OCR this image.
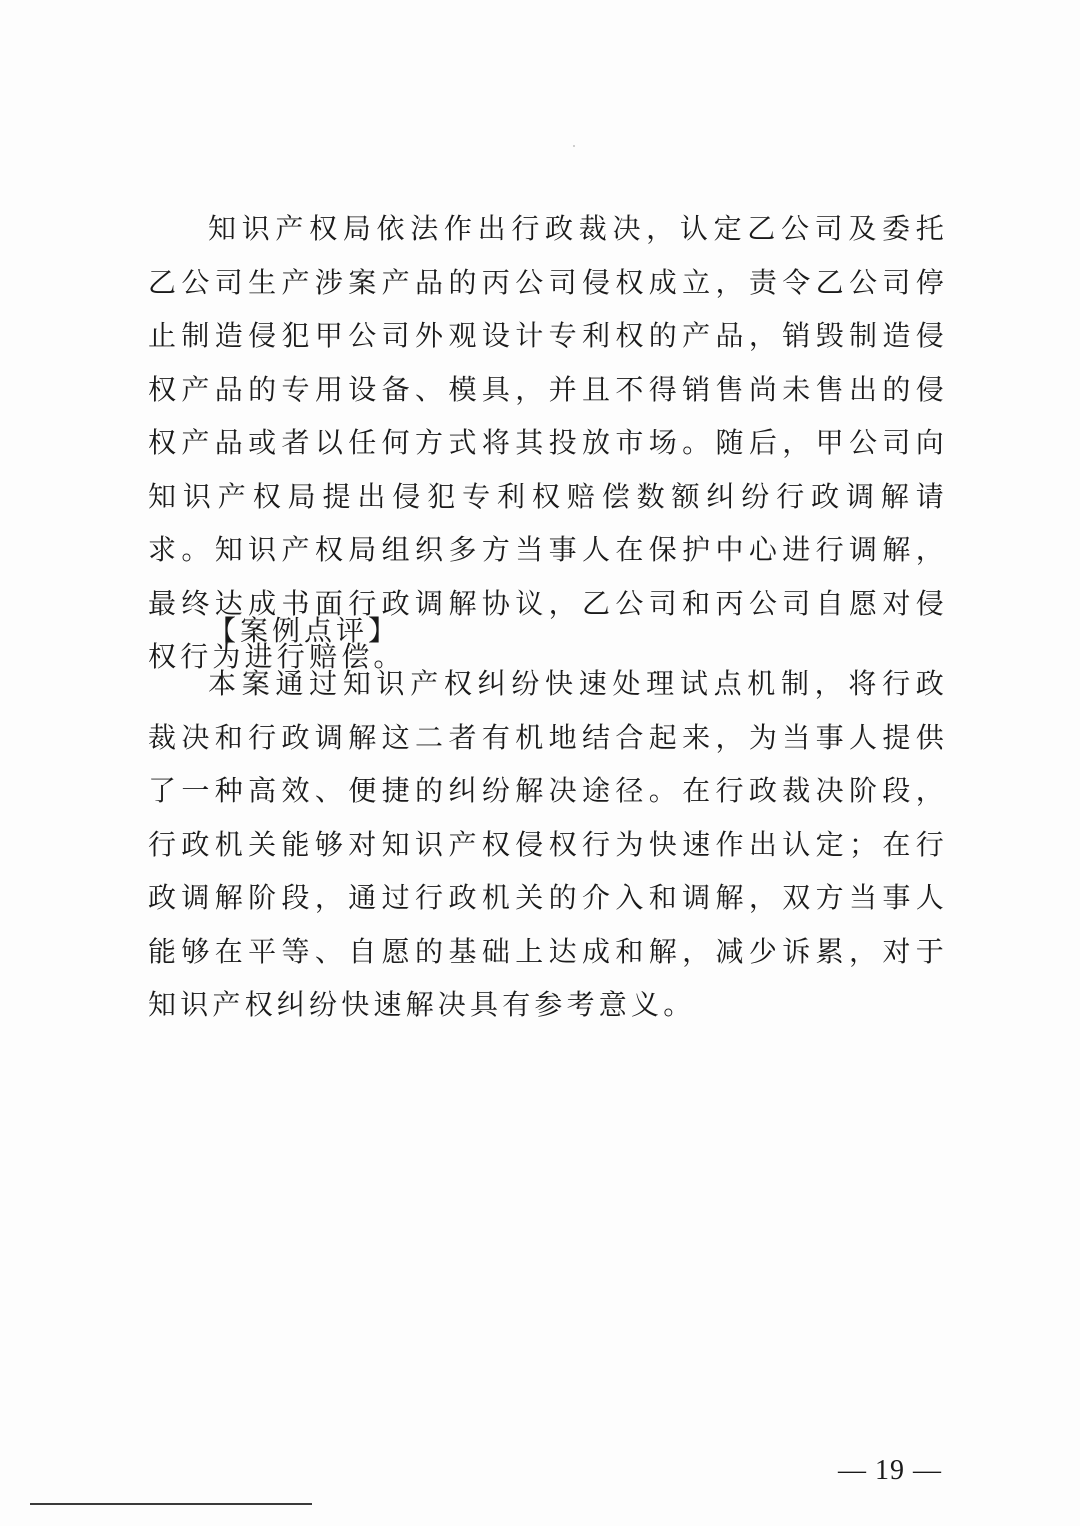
知识产权局依法作出行政裁决，认定乙公司及委托乙公司生产涉案产品的丙公司侵权成立，责令乙公司停止制造侵犯甲公司外观设计专利权的产品，销毁制造侵权产品的专用设备、模具，并且不得销售尚未售出的侵权产品或者以任何方式将其投放市场。随后，甲公司向知识产权局提出侵犯专利权赔偿数额纠纷行政调解请求。知识产权局组织多方当事人在保护中心进行调解，最终达成书面行政调解协议，乙公司和丙公司自愿对侵权行为进行赔偿。

【案例点评】

本案通过知识产权纠纷快速处理试点机制，将行政裁决和行政调解这二者有机地结合起来，为当事人提供了一种高效、便捷的纠纷解决途径。在行政裁决阶段，行政机关能够对知识产权侵权行为快速作出认定；在行政调解阶段，通过行政机关的介入和调解，双方当事人能够在平等、自愿的基础上达成和解，减少诉累，对于知识产权纠纷快速解决具有参考意义。

— 19 —
